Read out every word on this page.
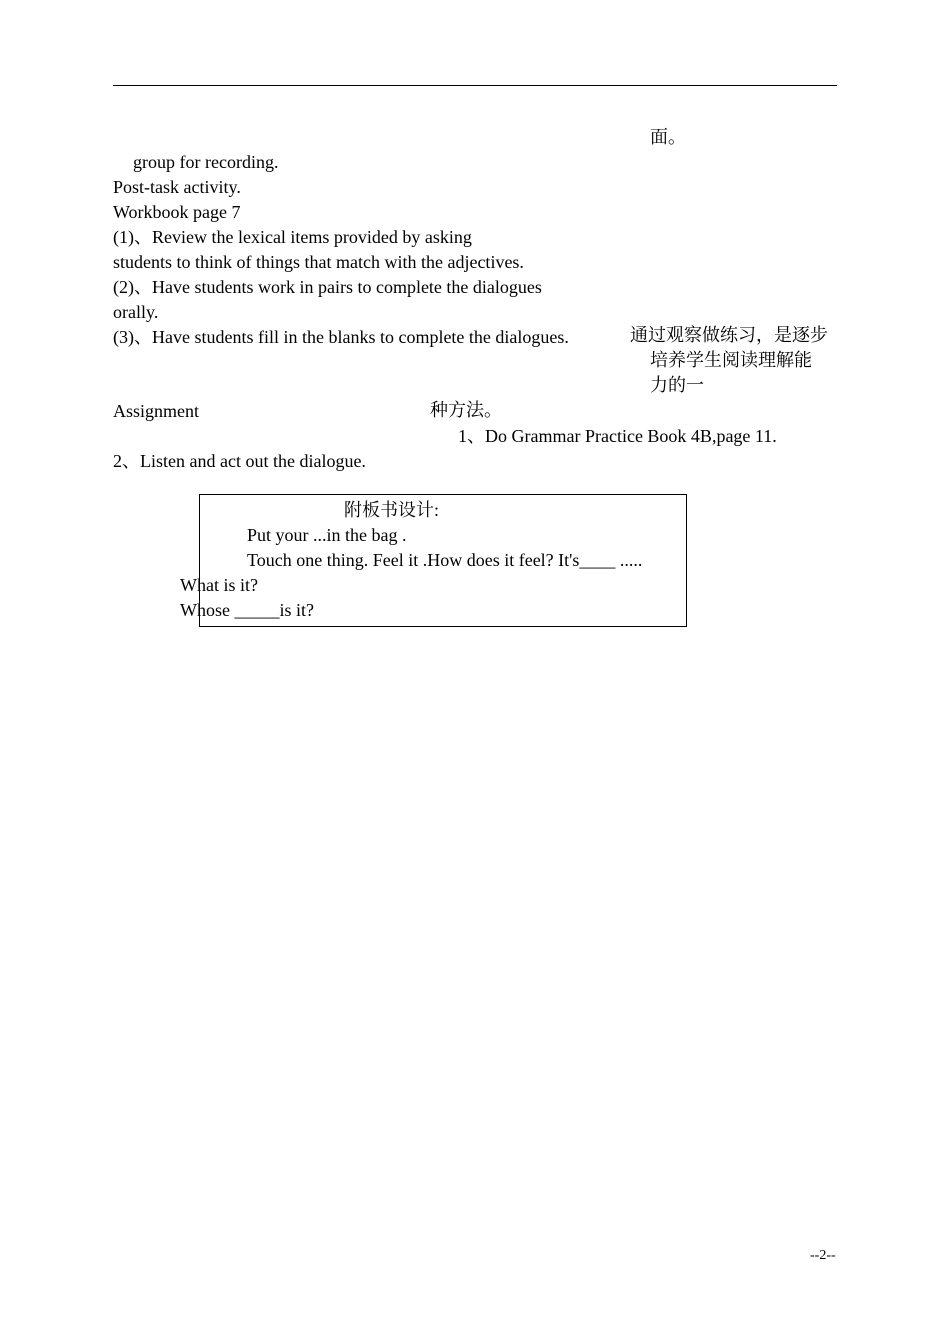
面。
通过观察做练习，是逐步
培养学生阅读理解能
力的一
种方法。
group for recording.
Post-task activity.
Workbook page 7
(1)、Review the lexical items provided by asking
students to think of things that match with the adjectives.
(2)、Have students work in pairs to complete the dialogues
orally.
(3)、Have students fill in the blanks to complete the dialogues.
Assignment
1、Do Grammar Practice Book 4B,page 11.
2、Listen and act out the dialogue.
附板书设计:
Put your ...in the bag .
Touch one thing. Feel it .How does it feel? It's____ .....
What is it?
Whose _____is it?
--2--
